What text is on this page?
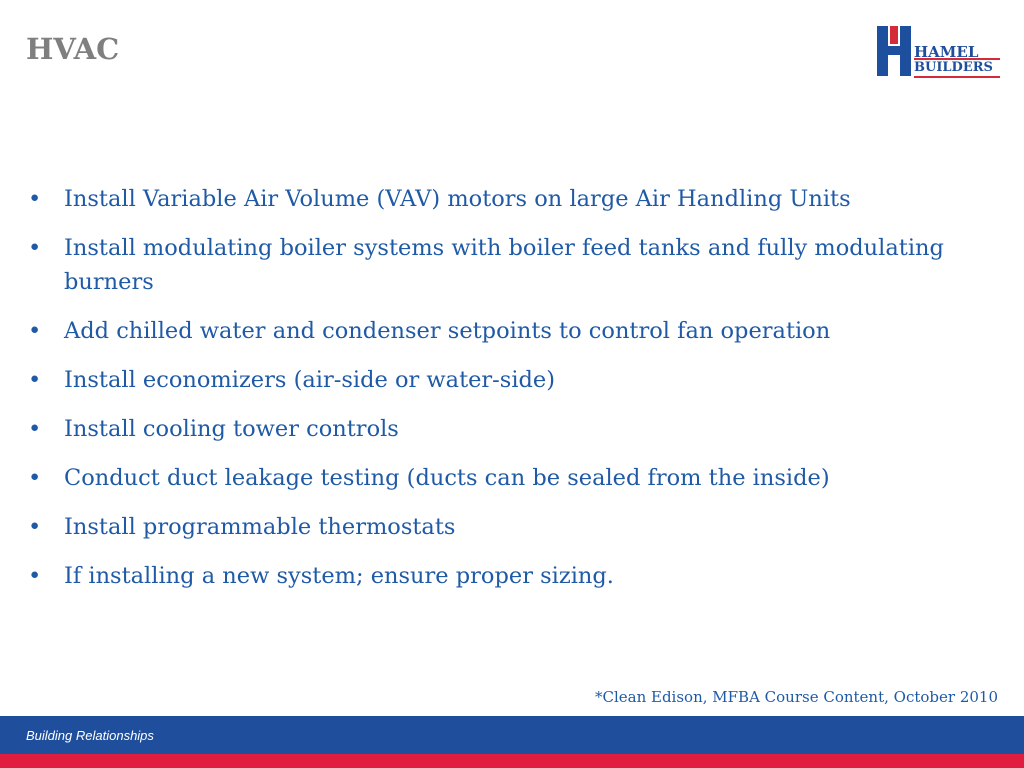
HVAC	HAMEL
BUILDERS
• Install Variable Air Volume (VAV) motors on large Air Handling Units
• Install modulating boiler systems with boiler feed tanks and fully modulating burners
• Add chilled water and condenser setpoints to control fan operation
• Install economizers (air-side or water-side)
• Install cooling tower controls
• Conduct duct leakage testing (ducts can be sealed from the inside)
• Install programmable thermostats
• If installing a new system; ensure proper sizing.

*Clean Edison, MFBA Course Content, October 2010

Building Relationships
